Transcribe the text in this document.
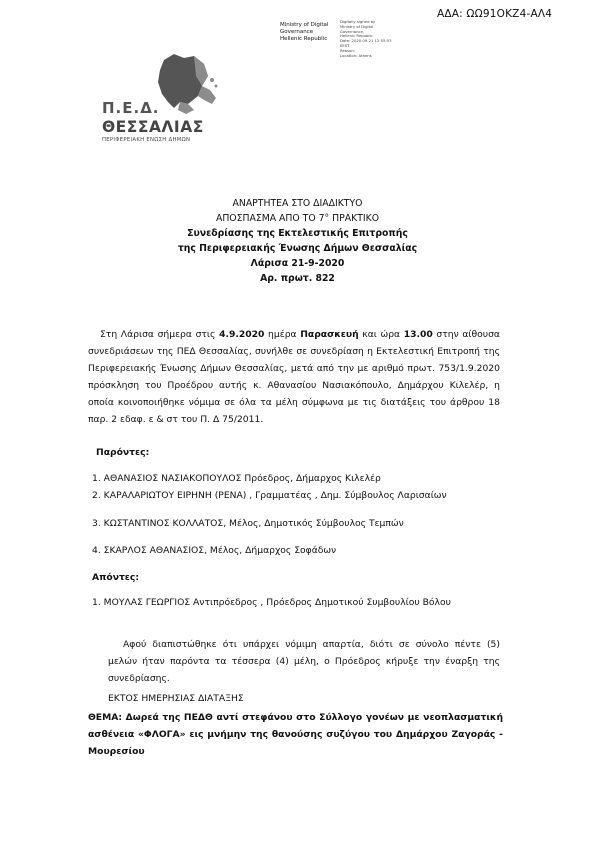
ΑΔΑ: ΩΩ91ΟΚΖ4-ΑΛ4
Ministry of Digital
Governance
Hellenic Republic
Digitally signed by
Ministry of Digital
Governance,
Hellenic Republic
Date: 2020.09.21 12:55:53
EEST
Reason:
Location: Athens
Π.Ε.Δ.
ΘΕΣΣΑΛΙΑΣ
ΠΕΡΙΦΕΡΕΙΑΚΗ ΕΝΩΣΗ ΔΗΜΩΝ
ΑΝΑΡΤΗΤΕΑ ΣΤΟ ΔΙΑΔΙΚΤΥΟ
ΑΠΟΣΠΑΣΜΑ ΑΠΟ ΤΟ 7° ΠΡΑΚΤΙΚΟ
Συνεδρίασης της Εκτελεστικής Επιτροπής
της Περιφερειακής Ένωσης Δήμων Θεσσαλίας
Λάρισα 21-9-2020
Αρ. πρωτ. 822

Στη Λάρισα σήμερα στις 4.9.2020 ημέρα Παρασκευή και ώρα 13.00 στην αίθουσα συνεδριάσεων της ΠΕΔ Θεσσαλίας, συνήλθε σε συνεδρίαση η Εκτελεστική Επιτροπή της Περιφερειακής Ένωσης Δήμων Θεσσαλίας, μετά από την με αριθμό πρωτ. 753/1.9.2020 πρόσκληση του Προέδρου αυτής κ. Αθανασίου Νασιακόπουλο, Δημάρχου Κιλελέρ, η οποία κοινοποιήθηκε νόμιμα σε όλα τα μέλη σύμφωνα με τις διατάξεις του άρθρου 18 παρ. 2 εδαφ. ε & στ του Π. Δ 75/2011.

Παρόντες:
1. ΑΘΑΝΑΣΙΟΣ ΝΑΣΙΑΚΟΠΟΥΛΟΣ Πρόεδρος, Δήμαρχος Κιλελέρ
2. ΚΑΡΑΛΑΡΙΩΤΟΥ ΕΙΡΗΝΗ (ΡΕΝΑ) , Γραμματέας , Δημ. Σύμβουλος Λαρισαίων
3. ΚΩΣΤΑΝΤΙΝΟΣ ΚΟΛΛΑΤΟΣ, Μέλος, Δημοτικός Σύμβουλος Τεμπών
4. ΣΚΑΡΛΟΣ ΑΘΑΝΑΣΙΟΣ, Μέλος, Δήμαρχος Σοφάδων
Απόντες:
1. ΜΟΥΛΑΣ ΓΕΩΡΓΙΟΣ Αντιπρόεδρος , Πρόεδρος Δημοτικού Συμβουλίου Βόλου

Αφού διαπιστώθηκε ότι υπάρχει νόμιμη απαρτία, διότι σε σύνολο πέντε (5) μελών ήταν παρόντα τα τέσσερα (4) μέλη, ο Πρόεδρος κήρυξε την έναρξη της συνεδρίασης.

ΕΚΤΟΣ ΗΜΕΡΗΣΙΑΣ ΔΙΑΤΑΞΗΣ

ΘΕΜΑ: Δωρεά της ΠΕΔΘ αντί στεφάνου στο Σύλλογο γονέων με νεοπλασματική ασθένεια «ΦΛΟΓΑ» εις μνήμην της θανούσης συζύγου του Δημάρχου Ζαγοράς - Μουρεσίου
